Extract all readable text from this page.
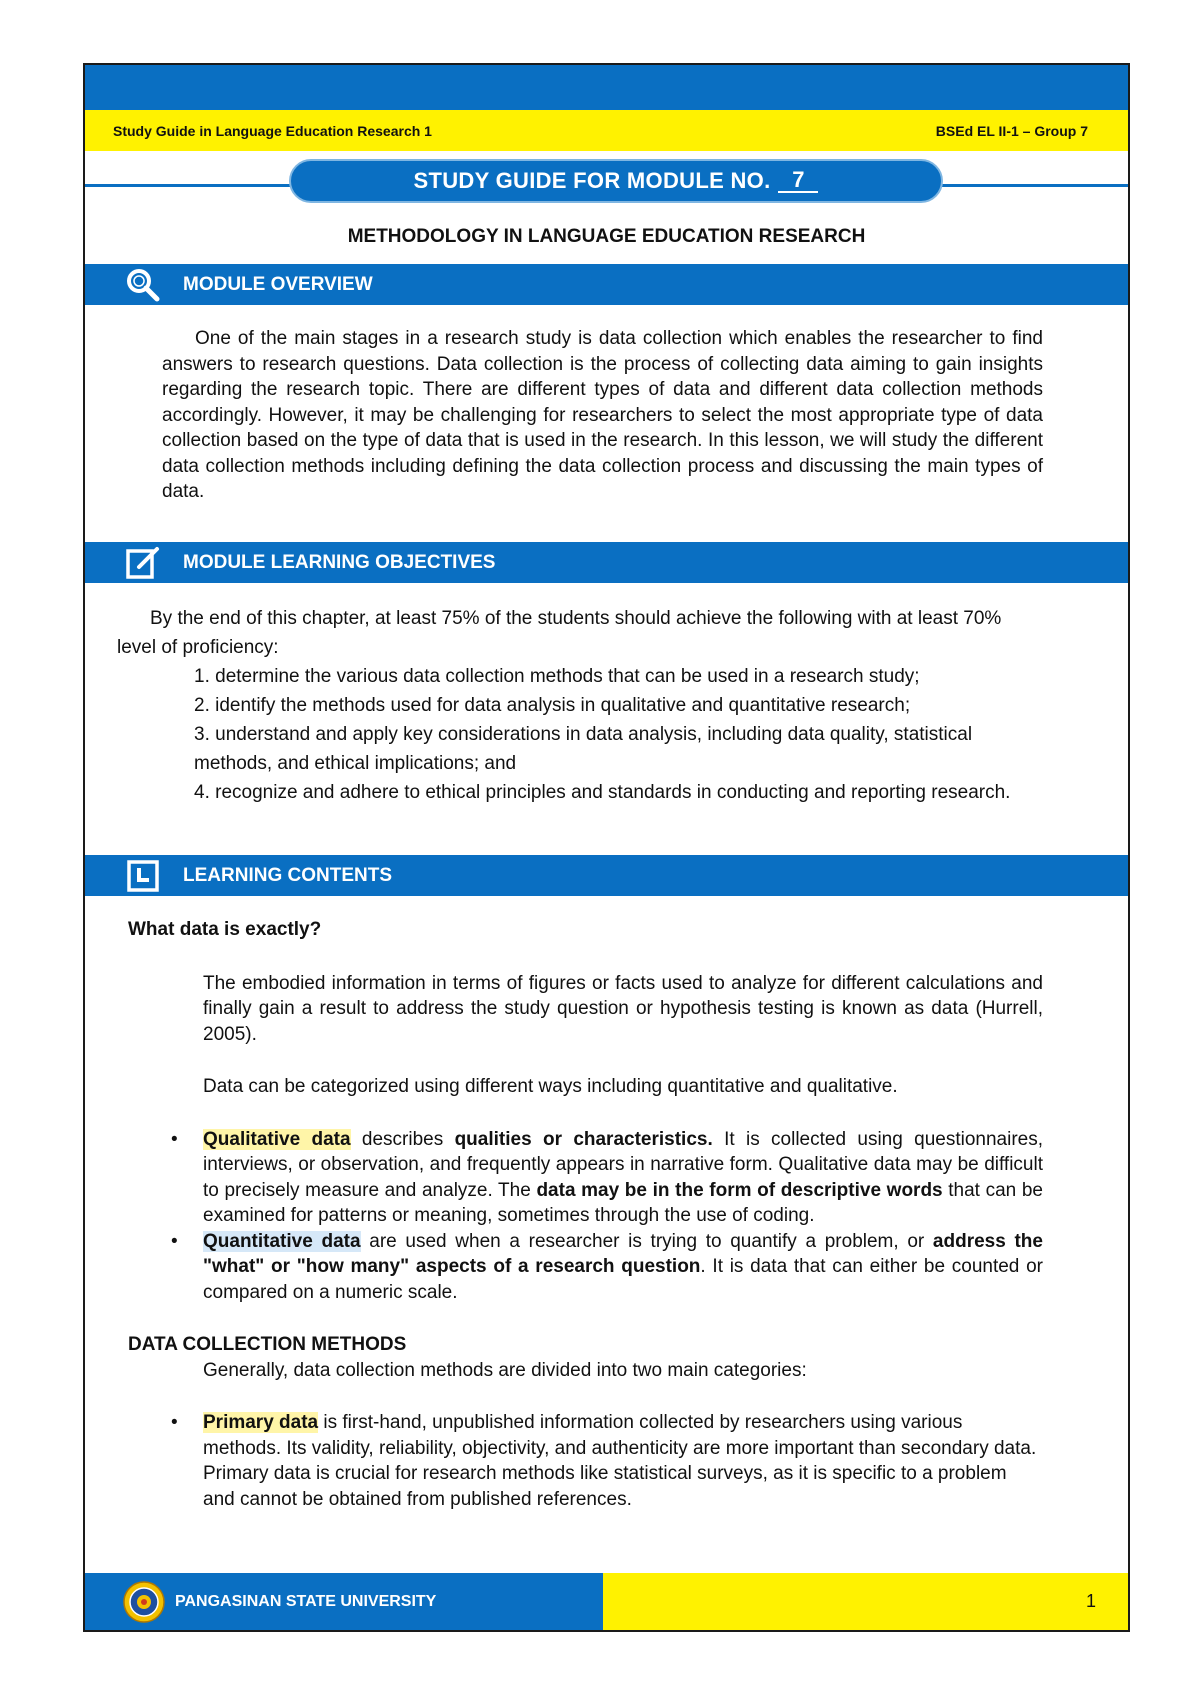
Study Guide in Language Education Research 1	BSEd EL II-1 – Group 7
STUDY GUIDE FOR MODULE NO. 7
METHODOLOGY IN LANGUAGE EDUCATION RESEARCH
MODULE OVERVIEW

One of the main stages in a research study is data collection which enables the researcher to find answers to research questions. Data collection is the process of collecting data aiming to gain insights regarding the research topic. There are different types of data and different data collection methods accordingly. However, it may be challenging for researchers to select the most appropriate type of data collection based on the type of data that is used in the research. In this lesson, we will study the different data collection methods including defining the data collection process and discussing the main types of data.

MODULE LEARNING OBJECTIVES

By the end of this chapter, at least 75% of the students should achieve the following with at least 70% level of proficiency:

1. determine the various data collection methods that can be used in a research study;

2. identify the methods used for data analysis in qualitative and quantitative research;

3. understand and apply key considerations in data analysis, including data quality, statistical methods, and ethical implications; and

4. recognize and adhere to ethical principles and standards in conducting and reporting research.

LEARNING CONTENTS

What data is exactly?

The embodied information in terms of figures or facts used to analyze for different calculations and finally gain a result to address the study question or hypothesis testing is known as data (Hurrell, 2005).

Data can be categorized using different ways including quantitative and qualitative.

• Qualitative data describes qualities or characteristics. It is collected using questionnaires, interviews, or observation, and frequently appears in narrative form. Qualitative data may be difficult to precisely measure and analyze. The data may be in the form of descriptive words that can be examined for patterns or meaning, sometimes through the use of coding.
• Quantitative data are used when a researcher is trying to quantify a problem, or address the "what" or "how many" aspects of a research question. It is data that can either be counted or compared on a numeric scale.

DATA COLLECTION METHODS

Generally, data collection methods are divided into two main categories:

• Primary data is first-hand, unpublished information collected by researchers using various methods. Its validity, reliability, objectivity, and authenticity are more important than secondary data. Primary data is crucial for research methods like statistical surveys, as it is specific to a problem and cannot be obtained from published references.
PANGASINAN STATE UNIVERSITY	1
